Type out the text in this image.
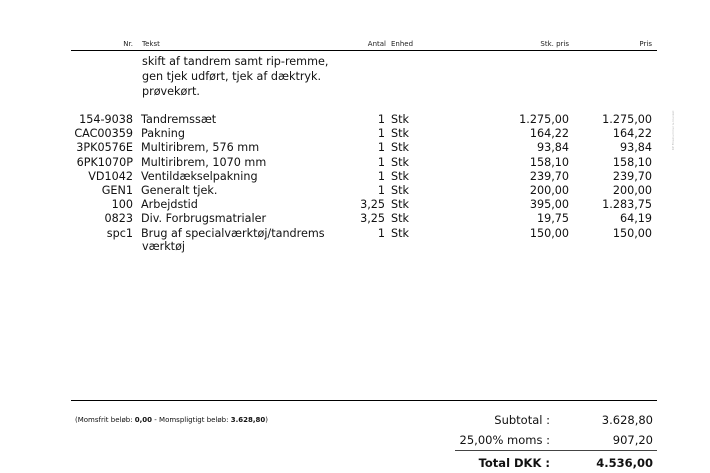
Nr. Tekst	Antal Enhed	Stk. pris	Pris
skift af tandrem samt rip-remme,
gen tjek udført, tjek af dæktryk.
prøvekørt.
154-9038 Tandremssæt	1 Stk	1.275,00	1.275,00
CAC00359 Pakning	1 Stk	164,22	164,22
3PK0576E Multiribrem, 576 mm	1 Stk	93,84	93,84
6PK1070P Multiribrem, 1070 mm	1 Stk	158,10	158,10
VD1042 Ventildækselpakning	1 Stk	239,70	239,70
GEN1 Generalt tjek.	1 Stk	200,00	200,00
100 Arbejdstid	3,25 Stk	395,00	1.283,75
0823 Div. Forbrugsmatrialer	3,25 Stk	19,75	64,19
spc1 Brug af specialværktøj/tandrems	1 Stk	150,00	150,00
værktøj
KP Filialnummer & blanket
(Momsfrit beløb: 0,00 - Momspligtigt beløb: 3.628,80)	Subtotal :	3.628,80
25,00% moms :	907,20
Total DKK :	4.536,00
